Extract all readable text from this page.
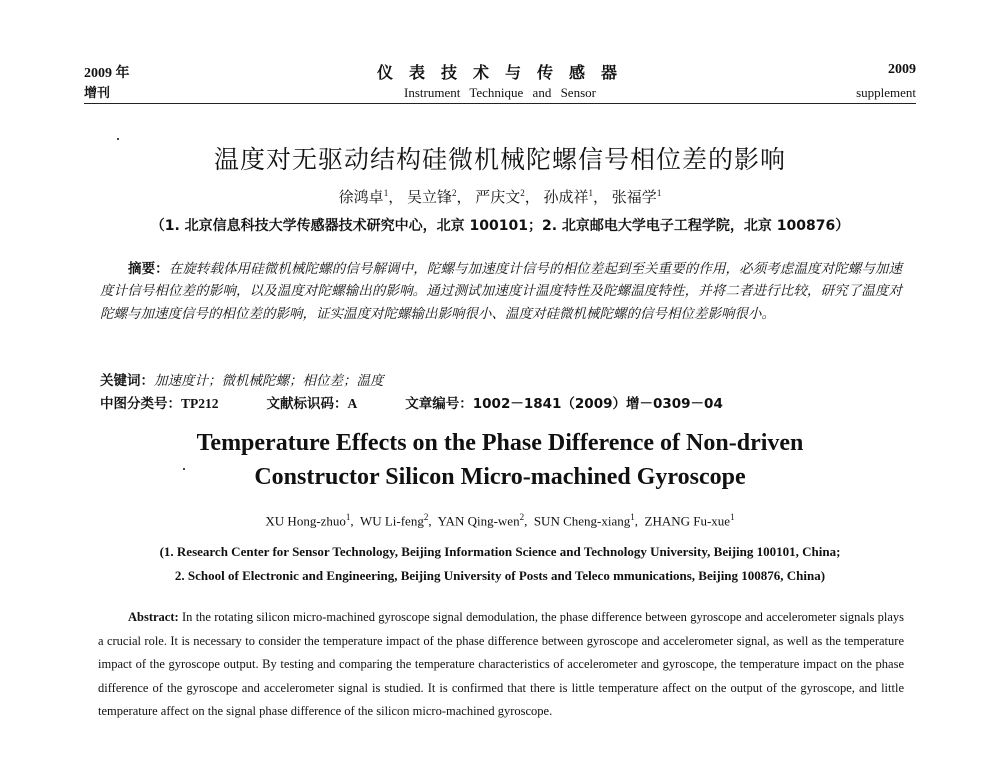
2009 年
增刊
仪 表 技 术 与 传 感 器
Instrument Technique and Sensor
2009
supplement
温度对无驱动结构硅微机械陀螺信号相位差的影响
徐鸿卓$^1$， 吴立锋$^2$， 严庆文$^2$， 孙成祥$^1$， 张福学$^1$
（1. 北京信息科技大学传感器技术研究中心，北京 100101；2. 北京邮电大学电子工程学院，北京 100876）
摘要：在旋转载体用硅微机械陀螺的信号解调中，陀螺与加速度计信号的相位差起到至关重要的作用，必须考虑温度对陀螺与加速度计信号相位差的影响，以及温度对陀螺输出的影响。通过测试加速度计温度特性及陀螺温度特性，并将二者进行比较，研究了温度对陀螺与加速度信号的相位差的影响，证实温度对陀螺输出影响很小、温度对硅微机械陀螺的信号相位差影响很小。
关键词：加速度计；微机械陀螺；相位差；温度
中图分类号：TP212	文献标识码：A	文章编号：1002－1841（2009）增－0309－04
Temperature Effects on the Phase Difference of Non-driven
Constructor Silicon Micro-machined Gyroscope
XU Hong-zhuo$^1$,  WU Li-feng$^2$,  YAN Qing-wen$^2$,  SUN Cheng-xiang$^1$,  ZHANG Fu-xue$^1$
(1. Research Center for Sensor Technology, Beijing Information Science and Technology University, Beijing 100101, China;
2. School of Electronic and Engineering, Beijing University of Posts and Teleco mmunications, Beijing 100876, China)
Abstract: In the rotating silicon micro-machined gyroscope signal demodulation, the phase difference between gyroscope and accelerometer signals plays a crucial role. It is necessary to consider the temperature impact of the phase difference between gyroscope and accelerometer signal, as well as the temperature impact of the gyroscope output. By testing and comparing the temperature characteristics of accelerometer and gyroscope, the temperature impact on the phase difference of the gyroscope and accelerometer signal is studied. It is confirmed that there is little temperature affect on the output of the gyroscope, and little temperature affect on the signal phase difference of the silicon micro-machined gyroscope.
